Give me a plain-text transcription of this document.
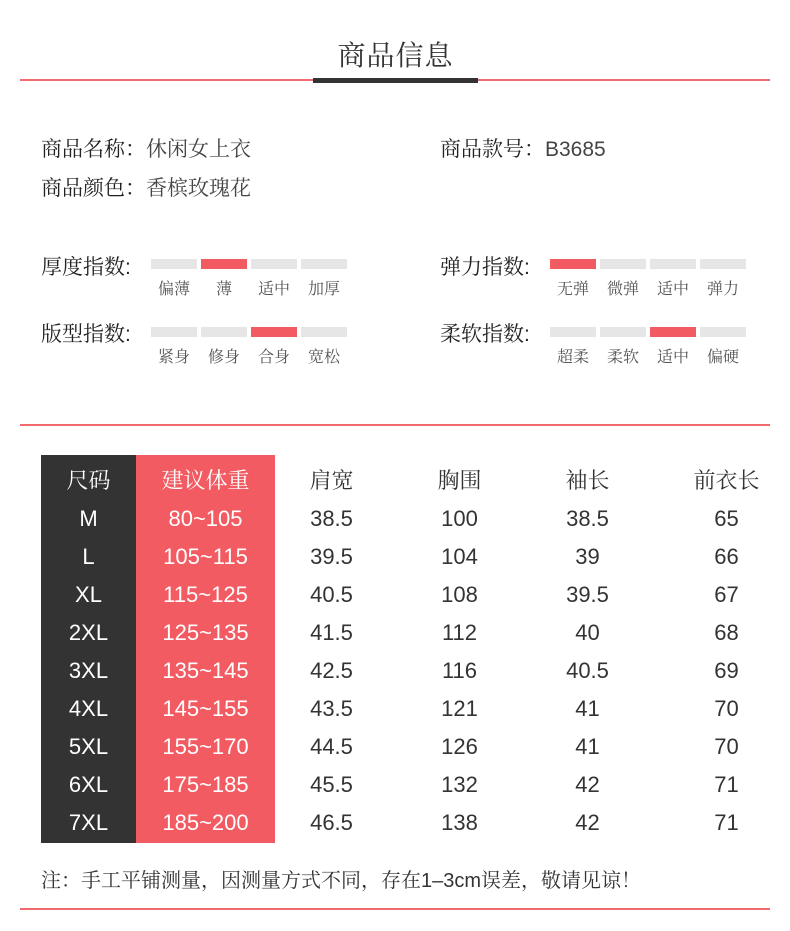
商品信息
商品名称：休闲女上衣	商品款号：B3685
商品颜色：香槟玫瑰花
厚度指数:
偏薄	薄	适中	加厚
弹力指数:
无弹	微弹	适中	弹力
版型指数:
紧身	修身	合身	宽松
柔软指数:
超柔	柔软	适中	偏硬
尺码	建议体重	肩宽	胸围	袖长	前衣长
M	80~105	38.5	100	38.5	65
L	105~115	39.5	104	39	66
XL	115~125	40.5	108	39.5	67
2XL	125~135	41.5	112	40	68
3XL	135~145	42.5	116	40.5	69
4XL	145~155	43.5	121	41	70
5XL	155~170	44.5	126	41	70
6XL	175~185	45.5	132	42	71
7XL	185~200	46.5	138	42	71
注：手工平铺测量，因测量方式不同，存在1–3cm误差，敬请见谅！
